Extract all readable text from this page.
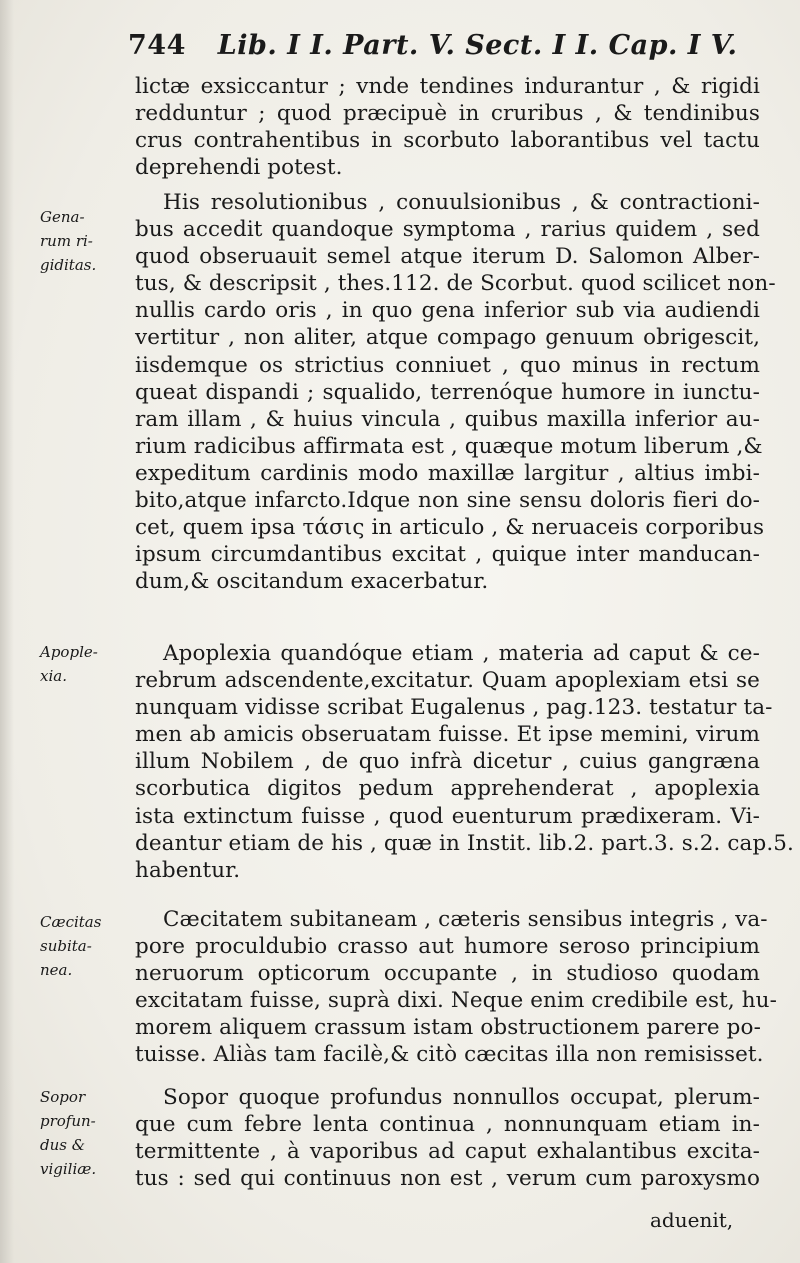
744 Lib. I I. Part. V. Sect. I I. Cap. I V.
Gena-
rum ri-
giditas.
Apople-
xia.
Cæcitas
subita-
nea.
Sopor
profun-
dus &
vigiliæ.
lictæ exsiccantur ; vnde tendines indurantur , & rigidi
redduntur ; quod præcipuè in cruribus , & tendinibus
crus contrahentibus in scorbuto laborantibus vel tactu
deprehendi potest.
His resolutionibus , conuulsionibus , & contractioni-
bus accedit quandoque symptoma , rarius quidem , sed
quod obseruauit semel atque iterum D. Salomon Alber-
tus, & descripsit , thes.112. de Scorbut. quod scilicet non-
nullis cardo oris , in quo gena inferior sub via audiendi
vertitur , non aliter, atque compago genuum obrigescit,
iisdemque os strictius conniuet , quo minus in rectum
queat dispandi ; squalido, terrenóque humore in iunctu-
ram illam , & huius vincula , quibus maxilla inferior au-
rium radicibus affirmata est , quæque motum liberum ,&
expeditum cardinis modo maxillæ largitur , altius imbi-
bito,atque infarcto.Idque non sine sensu doloris fieri do-
cet, quem ipsa τάσις in articulo , & neruaceis corporibus
ipsum circumdantibus excitat , quique inter manducan-
dum,& oscitandum exacerbatur.
Apoplexia quandóque etiam , materia ad caput & ce-
rebrum adscendente,excitatur. Quam apoplexiam etsi se
nunquam vidisse scribat Eugalenus , pag.123. testatur ta-
men ab amicis obseruatam fuisse. Et ipse memini, virum
illum Nobilem , de quo infrà dicetur , cuius gangræna
scorbutica digitos pedum apprehenderat , apoplexia
ista extinctum fuisse , quod euenturum prædixeram. Vi-
deantur etiam de his , quæ in Instit. lib.2. part.3. s.2. cap.5.
habentur.
Cæcitatem subitaneam , cæteris sensibus integris , va-
pore proculdubio crasso aut humore seroso principium
neruorum opticorum occupante , in studioso quodam
excitatam fuisse, suprà dixi. Neque enim credibile est, hu-
morem aliquem crassum istam obstructionem parere po-
tuisse. Aliàs tam facilè,& citò cæcitas illa non remisisset.
Sopor quoque profundus nonnullos occupat, plerum-
que cum febre lenta continua , nonnunquam etiam in-
termittente , à vaporibus ad caput exhalantibus excita-
tus : sed qui continuus non est , verum cum paroxysmo
aduenit,
